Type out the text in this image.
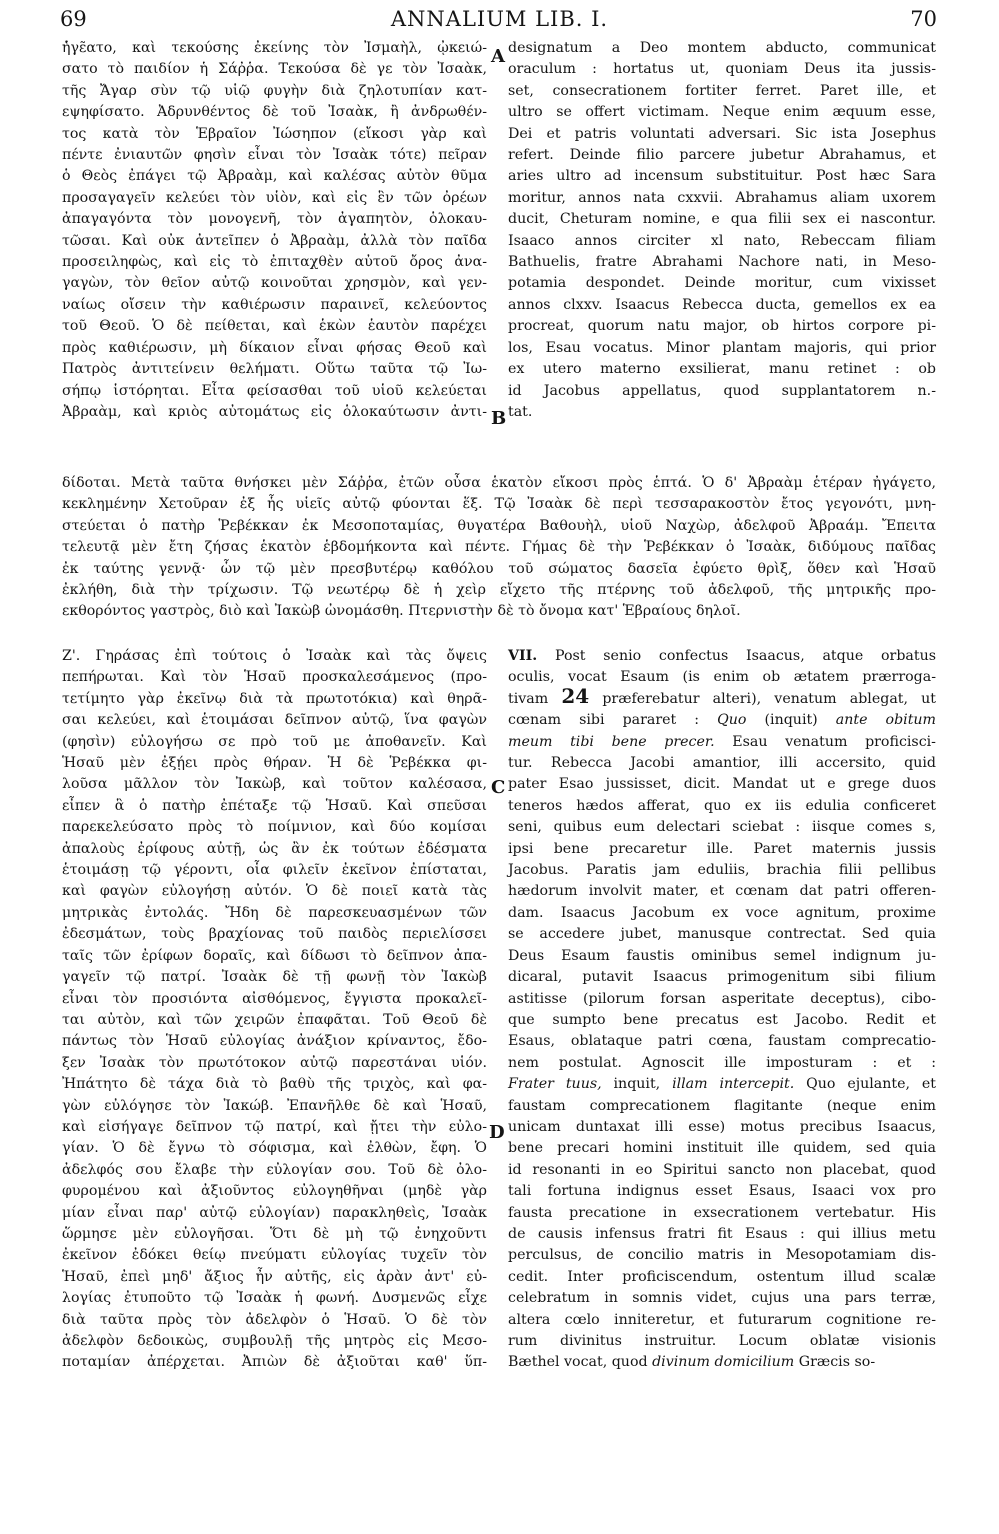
69	ANNALIUM LIB. I.	70
A
B
C
D

ἡ̔γε̃ατο, καὶ τεκούσης ἐκείνης τὸν Ἰσμαὴλ, ᾠκειώ-

σατο τὸ παιδίον ἡ Σάῤῥα. Τεκούσα δὲ γε τὸν Ἰσαὰκ,

τῆς Ἄγαρ σὺν τῷ υἱῷ φυγὴν διὰ ζηλοτυπίαν κατ-

εψηφίσατο. Ἀδρυνθέντος δὲ τοῦ Ἰσαὰκ, ἢ ἀνδρωθέν-

τος κατὰ τὸν Ἑβραῖον Ἰώσηπον (εἴκοσι γὰρ καὶ

πέντε ἐνιαυτῶν φησὶν εἶναι τὸν Ἰσαὰκ τότε) πεῖραν

ὁ Θεὸς ἐπάγει τῷ Ἀβραὰμ, καὶ καλέσας αὐτὸν θῦμα

προσαγαγεῖν κελεύει τὸν υἱὸν, καὶ εἰς ἓν τῶν ὀρέων

ἀπαγαγόντα τὸν μονογενῆ, τὸν ἀγαπητὸν, ὁλοκαυ-

τῶσαι. Καὶ οὐκ ἀντεῖπεν ὁ Ἀβραὰμ, ἀλλὰ τὸν παῖδα

προσειληφὼς, καὶ εἰς τὸ ἐπιταχθὲν αὐτοῦ ὄρος ἀνα-

γαγὼν, τὸν θεῖον αὐτῷ κοινοῦται χρησμὸν, καὶ γεν-

ναίως οἴσειν τὴν καθιέρωσιν παραινεῖ, κελεύοντος

τοῦ Θεοῦ. Ὁ δὲ πείθεται, καὶ ἑκὼν ἑαυτὸν παρέχει

πρὸς καθιέρωσιν, μὴ δίκαιον εἶναι φήσας Θεοῦ καὶ

Πατρὸς ἀντιτείνειν θελήματι. Οὕτω ταῦτα τῷ Ἰω-

σήπῳ ἱστόρηται. Εἶτα φείσασθαι τοῦ υἱοῦ κελεύεται

Ἀβραὰμ, καὶ κριὸς αὐτομάτως εἰς ὁλοκαύτωσιν ἀντι-

designatum a Deo montem abducto, communicat

oraculum : hortatus ut, quoniam Deus ita jussis-

set, consecrationem fortiter ferret. Paret ille, et

ultro se offert victimam. Neque enim æquum esse,

Dei et patris voluntati adversari. Sic ista Josephus

refert. Deinde filio parcere jubetur Abrahamus, et

aries ultro ad incensum substituitur. Post hæc Sara

moritur, annos nata cxxvii. Abrahamus aliam uxorem

ducit, Cheturam nomine, e qua filii sex ei nascontur.

Isaaco annos circiter xl nato, Rebeccam filiam

Bathuelis, fratre Abrahami Nachore nati, in Meso-

potamia despondet. Deinde moritur, cum vixisset

annos clxxv. Isaacus Rebecca ducta, gemellos ex ea

procreat, quorum natu major, ob hirtos corpore pi-

los, Esau vocatus. Minor plantam majoris, qui prior

ex utero materno exsilierat, manu retinet : ob

id Jacobus appellatus, quod supplantatorem n.-

tat.

δίδοται. Μετὰ ταῦτα θνήσκει μὲν Σάῤῥα, ἐτῶν οὖσα ἑκατὸν εἴκοσι πρὸς ἑπτά. Ὁ δ' Ἀβραὰμ ἑτέραν ἠγάγετο,

κεκλημένην Χετοῦραν ἐξ ἧς υἱεῖς αὐτῷ φύονται ἕξ. Τῷ Ἰσαὰκ δὲ περὶ τεσσαρακοστὸν ἔτος γεγονότι, μνη-

στεύεται ὁ πατὴρ Ῥεβέκκαν ἐκ Μεσοποταμίας, θυγατέρα Βαθουὴλ, υἱοῦ Ναχὼρ, ἀδελφοῦ Ἀβραάμ. Ἔπειτα

τελευτᾷ μὲν ἔτη ζήσας ἑκατὸν ἑβδομήκοντα καὶ πέντε. Γήμας δὲ τὴν Ῥεβέκκαν ὁ Ἰσαὰκ, διδύμους παῖδας

ἐκ ταύτης γεννᾷ· ὧν τῷ μὲν πρεσβυτέρῳ καθόλου τοῦ σώματος δασεῖα ἐφύετο θρὶξ, ὅθεν καὶ Ἡσαῦ

ἐκλήθη, διὰ τὴν τρίχωσιν. Τῷ νεωτέρῳ δὲ ἡ χεὶρ εἴχετο τῆς πτέρνης τοῦ ἀδελφοῦ, τῆς μητρικῆς προ-

εκθορόντος γαστρὸς, διὸ καὶ Ἰακὼβ ὠνομάσθη. Πτερνιστὴν δὲ τὸ ὄνομα κατ' Ἑβραίους δηλοῖ.

Ζ'. Γηράσας ἐπὶ τούτοις ὁ Ἰσαὰκ καὶ τὰς ὄψεις

πεπήρωται. Καὶ τὸν Ἡσαῦ προσκαλεσάμενος (προ-

τετίμητο γὰρ ἐκεῖνῳ διὰ τὰ πρωτοτόκια) καὶ θηρᾶ-

σαι κελεύει, καὶ ἑτοιμάσαι δεῖπνον αὐτῷ, ἵνα φαγὼν

(φησὶν) εὐλογήσω σε πρὸ τοῦ με ἀποθανεῖν. Καὶ

Ἡσαῦ μὲν ἐξῄει πρὸς θήραν. Ἡ δὲ Ῥεβέκκα φι-

λοῦσα μᾶλλον τὸν Ἰακὼβ, καὶ τοῦτον καλέσασα,

εἶπεν ἃ ὁ πατὴρ ἐπέταξε τῷ Ἡσαῦ. Καὶ σπεῦσαι

παρεκελεύσατο πρὸς τὸ ποίμνιον, καὶ δύο κομίσαι

ἀπαλοὺς ἐρίφους αὐτῇ, ὡς ἂν ἐκ τούτων ἐδέσματα

ἑτοιμάσῃ τῷ γέροντι, οἷα φιλεῖν ἐκεῖνον ἐπίσταται,

καὶ φαγὼν εὐλογήσῃ αὐτόν. Ὁ δὲ ποιεῖ κατὰ τὰς

μητρικὰς ἐντολάς. Ἤδη δὲ παρεσκευασμένων τῶν

ἐδεσμάτων, τοὺς βραχίονας τοῦ παιδὸς περιελίσσει

ταῖς τῶν ἐρίφων δοραῖς, καὶ δίδωσι τὸ δεῖπνον ἀπα-

γαγεῖν τῷ πατρί. Ἰσαὰκ δὲ τῇ φωνῇ τὸν Ἰακὼβ

εἶναι τὸν προσιόντα αἰσθόμενος, ἔγγιστα προκαλεῖ-

ται αὐτὸν, καὶ τῶν χειρῶν ἐπαφᾶται. Τοῦ Θεοῦ δὲ

πάντως τὸν Ἡσαῦ εὐλογίας ἀνάξιον κρίναντος, ἔδο-

ξεν Ἰσαὰκ τὸν πρωτότοκον αὐτῷ παρεστάναι υἱόν.

Ἠπάτητο δὲ τάχα διὰ τὸ βαθὺ τῆς τριχὸς, καὶ φα-

γὼν εὐλόγησε τὸν Ἰακώβ. Ἐπανῆλθε δὲ καὶ Ἡσαῦ,

καὶ εἰσήγαγε δεῖπνον τῷ πατρί, καὶ ᾔτει τὴν εὐλο-

γίαν. Ὁ δὲ ἔγνω τὸ σόφισμα, καὶ ἐλθὼν, ἔφη. Ὁ

ἀδελφός σου ἔλαβε τὴν εὐλογίαν σου. Τοῦ δὲ ὀλο-

φυρομένου καὶ ἀξιοῦντος εὐλογηθῆναι (μηδὲ γὰρ

μίαν εἶναι παρ' αὐτῷ εὐλογίαν) παρακληθεὶς, Ἰσαὰκ

ὥρμησε μὲν εὐλογῆσαι. Ὅτι δὲ μὴ τῷ ἐνηχοῦντι

ἐκεῖνον ἐδόκει θείῳ πνεύματι εὐλογίας τυχεῖν τὸν

Ἡσαῦ, ἐπεὶ μηδ' ἄξιος ἦν αὐτῆς, εἰς ἀρὰν ἀντ' εὐ-

λογίας ἐτυποῦτο τῷ Ἰσαὰκ ἡ φωνή. Δυσμενῶς εἶχε

διὰ ταῦτα πρὸς τὸν ἀδελφὸν ὁ Ἡσαῦ. Ὁ δὲ τὸν

ἀδελφὸν δεδοικὼς, συμβουλῇ τῆς μητρὸς εἰς Μεσο-

ποταμίαν ἀπέρχεται. Ἀπιὼν δὲ ἀξιοῦται καθ' ὕπ-

VII. Post senio confectus Isaacus, atque orbatus

oculis, vocat Esaum (is enim ob ætatem prærroga-

tivam 24 præferebatur alteri), venatum ablegat, ut

cœnam sibi pararet : Quo (inquit) ante obitum

meum tibi bene precer. Esau venatum proficisci-

tur. Rebecca Jacobi amantior, illi accersito, quid

pater Esao jussisset, dicit. Mandat ut e grege duos

teneros hædos afferat, quo ex iis edulia conficeret

seni, quibus eum delectari sciebat : iisque comes s,

ipsi bene precaretur ille. Paret maternis jussis

Jacobus. Paratis jam eduliis, brachia filii pellibus

hædorum involvit mater, et cœnam dat patri offeren-

dam. Isaacus Jacobum ex voce agnitum, proxime

se accedere jubet, manusque contrectat. Sed quia

Deus Esaum faustis ominibus semel indignum ju-

dicaral, putavit Isaacus primogenitum sibi filium

astitisse (pilorum forsan asperitate deceptus), cibo-

que sumpto bene precatus est Jacobo. Redit et

Esaus, oblataque patri cœna, faustam comprecatio-

nem postulat. Agnoscit ille imposturam : et :

Frater tuus, inquit, illam intercepit. Quo ejulante, et

faustam comprecationem flagitante (neque enim

unicam duntaxat illi esse) motus precibus Isaacus,

bene precari homini instituit ille quidem, sed quia

id resonanti in eo Spiritui sancto non placebat, quod

tali fortuna indignus esset Esaus, Isaaci vox pro

fausta precatione in exsecrationem vertebatur. His

de causis infensus fratri fit Esaus : qui illius metu

perculsus, de concilio matris in Mesopotamiam dis-

cedit. Inter proficiscendum, ostentum illud scalæ

celebratum in somnis videt, cujus una pars terræ,

altera cœlo inniteretur, et futurarum cognitione re-

rum divinitus instruitur. Locum oblatæ visionis

Bæthel vocat, quod divinum domicilium Græcis so-
